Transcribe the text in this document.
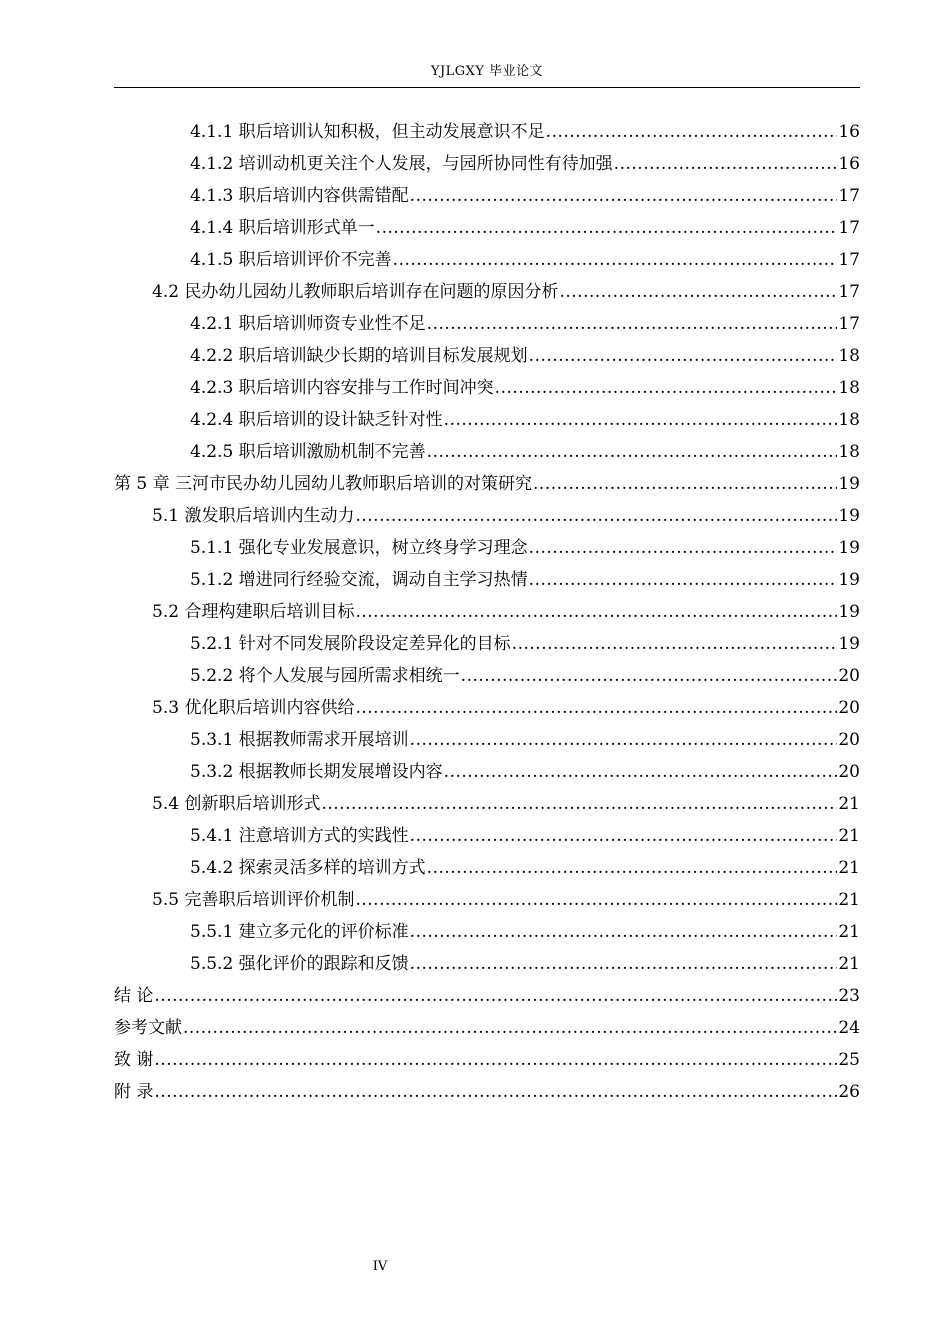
YJLGXY 毕业论文
4.1.1 职后培训认知积极，但主动发展意识不足 .....	16
4.1.2 培训动机更关注个人发展，与园所协同性有待加强 .....	16
4.1.3 职后培训内容供需错配 .....	17
4.1.4 职后培训形式单一 .....	17
4.1.5 职后培训评价不完善 .....	17
4.2 民办幼儿园幼儿教师职后培训存在问题的原因分析 .....	17
4.2.1 职后培训师资专业性不足 .....	17
4.2.2 职后培训缺少长期的培训目标发展规划 .....	18
4.2.3 职后培训内容安排与工作时间冲突 .....	18
4.2.4 职后培训的设计缺乏针对性 .....	18
4.2.5 职后培训激励机制不完善 .....	18
第 5 章 三河市民办幼儿园幼儿教师职后培训的对策研究 .....	19
5.1 激发职后培训内生动力 .....	19
5.1.1 强化专业发展意识，树立终身学习理念 .....	19
5.1.2 增进同行经验交流，调动自主学习热情 .....	19
5.2 合理构建职后培训目标 .....	19
5.2.1 针对不同发展阶段设定差异化的目标 .....	19
5.2.2 将个人发展与园所需求相统一 .....	20
5.3 优化职后培训内容供给 .....	20
5.3.1 根据教师需求开展培训 .....	20
5.3.2 根据教师长期发展增设内容 .....	20
5.4 创新职后培训形式 .....	21
5.4.1 注意培训方式的实践性 .....	21
5.4.2 探索灵活多样的培训方式 .....	21
5.5 完善职后培训评价机制 .....	21
5.5.1 建立多元化的评价标准 .....	21
5.5.2 强化评价的跟踪和反馈 .....	21
结 论 .....	23
参考文献 .....	24
致 谢 .....	25
附 录 .....	26
IV
